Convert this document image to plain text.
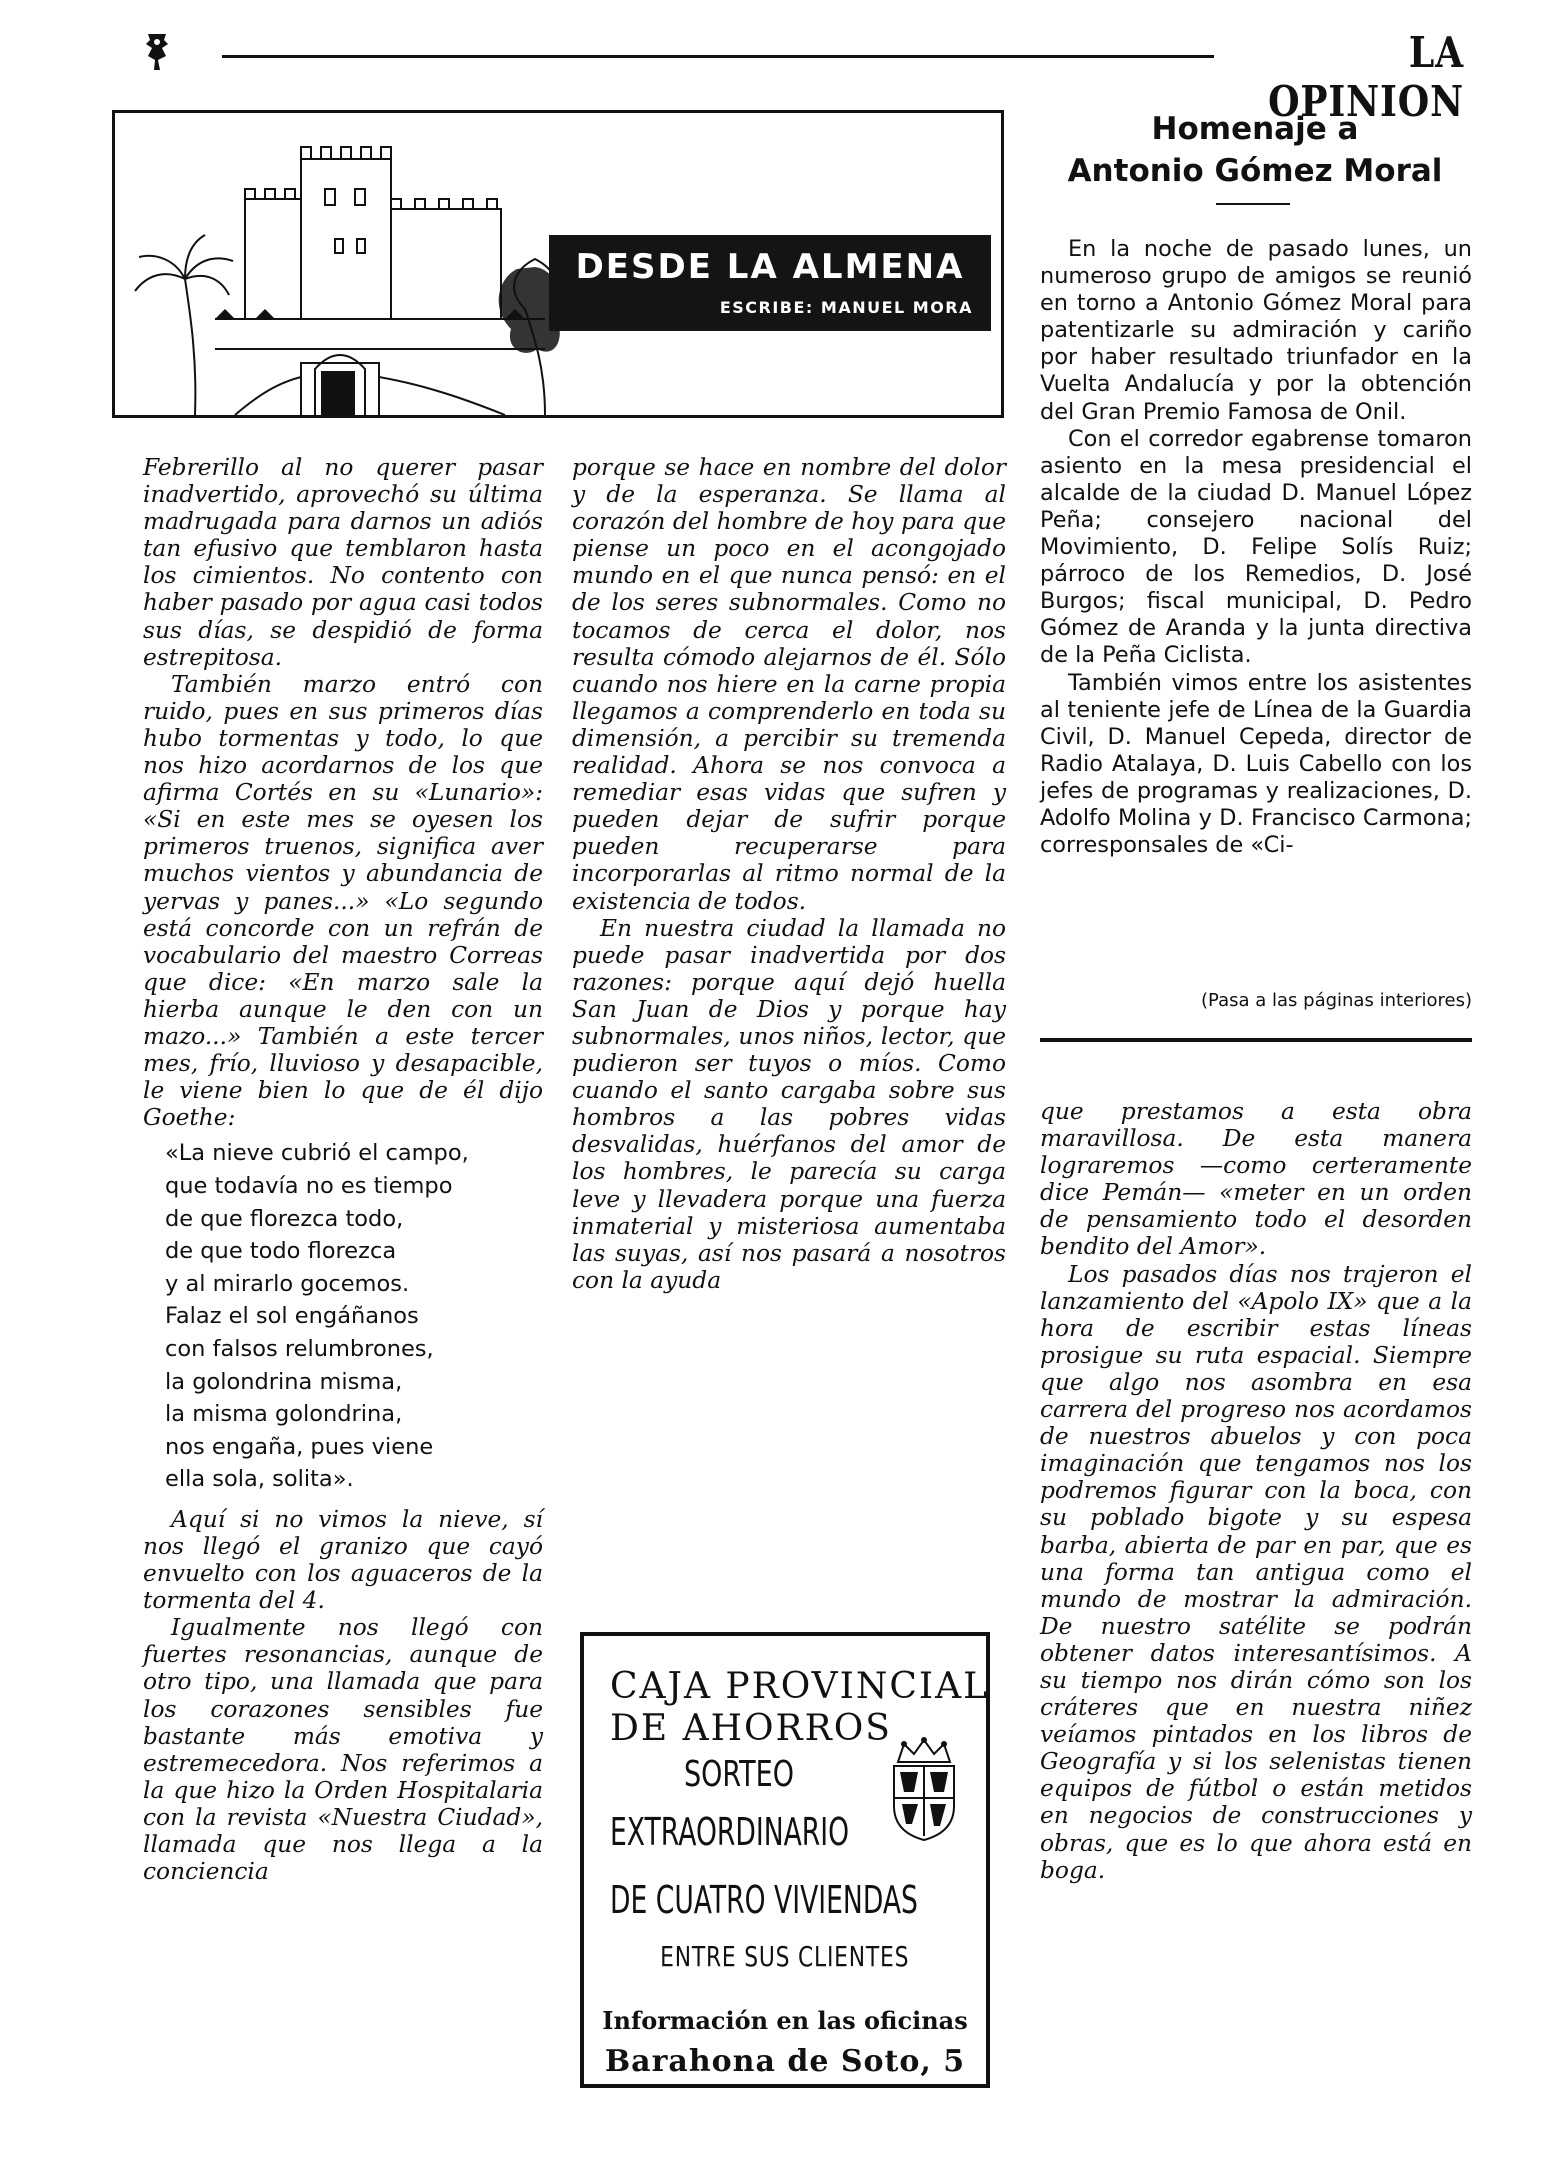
LA OPINION
DESDE LA ALMENA
ESCRIBE: MANUEL MORA

Febrerillo al no querer pasar inadvertido, aprovechó su última madrugada para darnos un adiós tan efusivo que temblaron hasta los cimientos. No contento con haber pasado por agua casi todos sus días, se despidió de forma estrepitosa.

También marzo entró con ruido, pues en sus primeros días hubo tormentas y todo, lo que nos hizo acordarnos de los que afirma Cortés en su «Lunario»: «Si en este mes se oyesen los primeros truenos, significa aver muchos vientos y abundancia de yervas y panes...» «Lo segundo está concorde con un refrán de vocabulario del maestro Correas que dice: «En marzo sale la hierba aunque le den con un mazo...» También a este tercer mes, frío, lluvioso y desapacible, le viene bien lo que de él dijo Goethe:

«La nieve cubrió el campo,
que todavía no es tiempo
de que florezca todo,
de que todo florezca
y al mirarlo gocemos.
Falaz el sol engáñanos
con falsos relumbrones,
la golondrina misma,
la misma golondrina,
nos engaña, pues viene
ella sola, solita».

Aquí si no vimos la nieve, sí nos llegó el granizo que cayó envuelto con los aguaceros de la tormenta del 4.

Igualmente nos llegó con fuertes resonancias, aunque de otro tipo, una llamada que para los corazones sensibles fue bastante más emotiva y estremecedora. Nos referimos a la que hizo la Orden Hospitalaria con la revista «Nuestra Ciudad», llamada que nos llega a la conciencia

porque se hace en nombre del dolor y de la esperanza. Se llama al corazón del hombre de hoy para que piense un poco en el acongojado mundo en el que nunca pensó: en el de los seres subnormales. Como no tocamos de cerca el dolor, nos resulta cómodo alejarnos de él. Sólo cuando nos hiere en la carne propia llegamos a comprenderlo en toda su dimensión, a percibir su tremenda realidad. Ahora se nos convoca a remediar esas vidas que sufren y pueden dejar de sufrir porque pueden recuperarse para incorporarlas al ritmo normal de la existencia de todos.

En nuestra ciudad la llamada no puede pasar inadvertida por dos razones: porque aquí dejó huella San Juan de Dios y porque hay subnormales, unos niños, lector, que pudieron ser tuyos o míos. Como cuando el santo cargaba sobre sus hombros a las pobres vidas desvalidas, huérfanos del amor de los hombres, le parecía su carga leve y llevadera porque una fuerza inmaterial y misteriosa aumentaba las suyas, así nos pasará a nosotros con la ayuda

Homenaje a
Antonio Gómez Moral

En la noche de pasado lunes, un numeroso grupo de amigos se reunió en torno a Antonio Gómez Moral para patentizarle su admiración y cariño por haber resultado triunfador en la Vuelta Andalucía y por la obtención del Gran Premio Famosa de Onil.

Con el corredor egabrense tomaron asiento en la mesa presidencial el alcalde de la ciudad D. Manuel López Peña; consejero nacional del Movimiento, D. Felipe Solís Ruiz; párroco de los Remedios, D. José Burgos; fiscal municipal, D. Pedro Gómez de Aranda y la junta directiva de la Peña Ciclista.

También vimos entre los asistentes al teniente jefe de Línea de la Guardia Civil, D. Manuel Cepeda, director de Radio Atalaya, D. Luis Cabello con los jefes de programas y realizaciones, D. Adolfo Molina y D. Francisco Carmona; corresponsales de «Ci-

(Pasa a las páginas interiores)

que prestamos a esta obra maravillosa. De esta manera lograremos —como certeramente dice Pemán— «meter en un orden de pensamiento todo el desorden bendito del Amor».

Los pasados días nos trajeron el lanzamiento del «Apolo IX» que a la hora de escribir estas líneas prosigue su ruta espacial. Siempre que algo nos asombra en esa carrera del progreso nos acordamos de nuestros abuelos y con poca imaginación que tengamos nos los podremos figurar con la boca, con su poblado bigote y su espesa barba, abierta de par en par, que es una forma tan antigua como el mundo de mostrar la admiración. De nuestro satélite se podrán obtener datos interesantísimos. A su tiempo nos dirán cómo son los cráteres que en nuestra niñez veíamos pintados en los libros de Geografía y si los selenistas tienen equipos de fútbol o están metidos en negocios de construcciones y obras, que es lo que ahora está en boga.

CAJA PROVINCIAL
DE AHORROS
SORTEO
EXTRAORDINARIO
DE CUATRO VIVIENDAS
ENTRE SUS CLIENTES
Información en las oficinas
Barahona de Soto, 5
